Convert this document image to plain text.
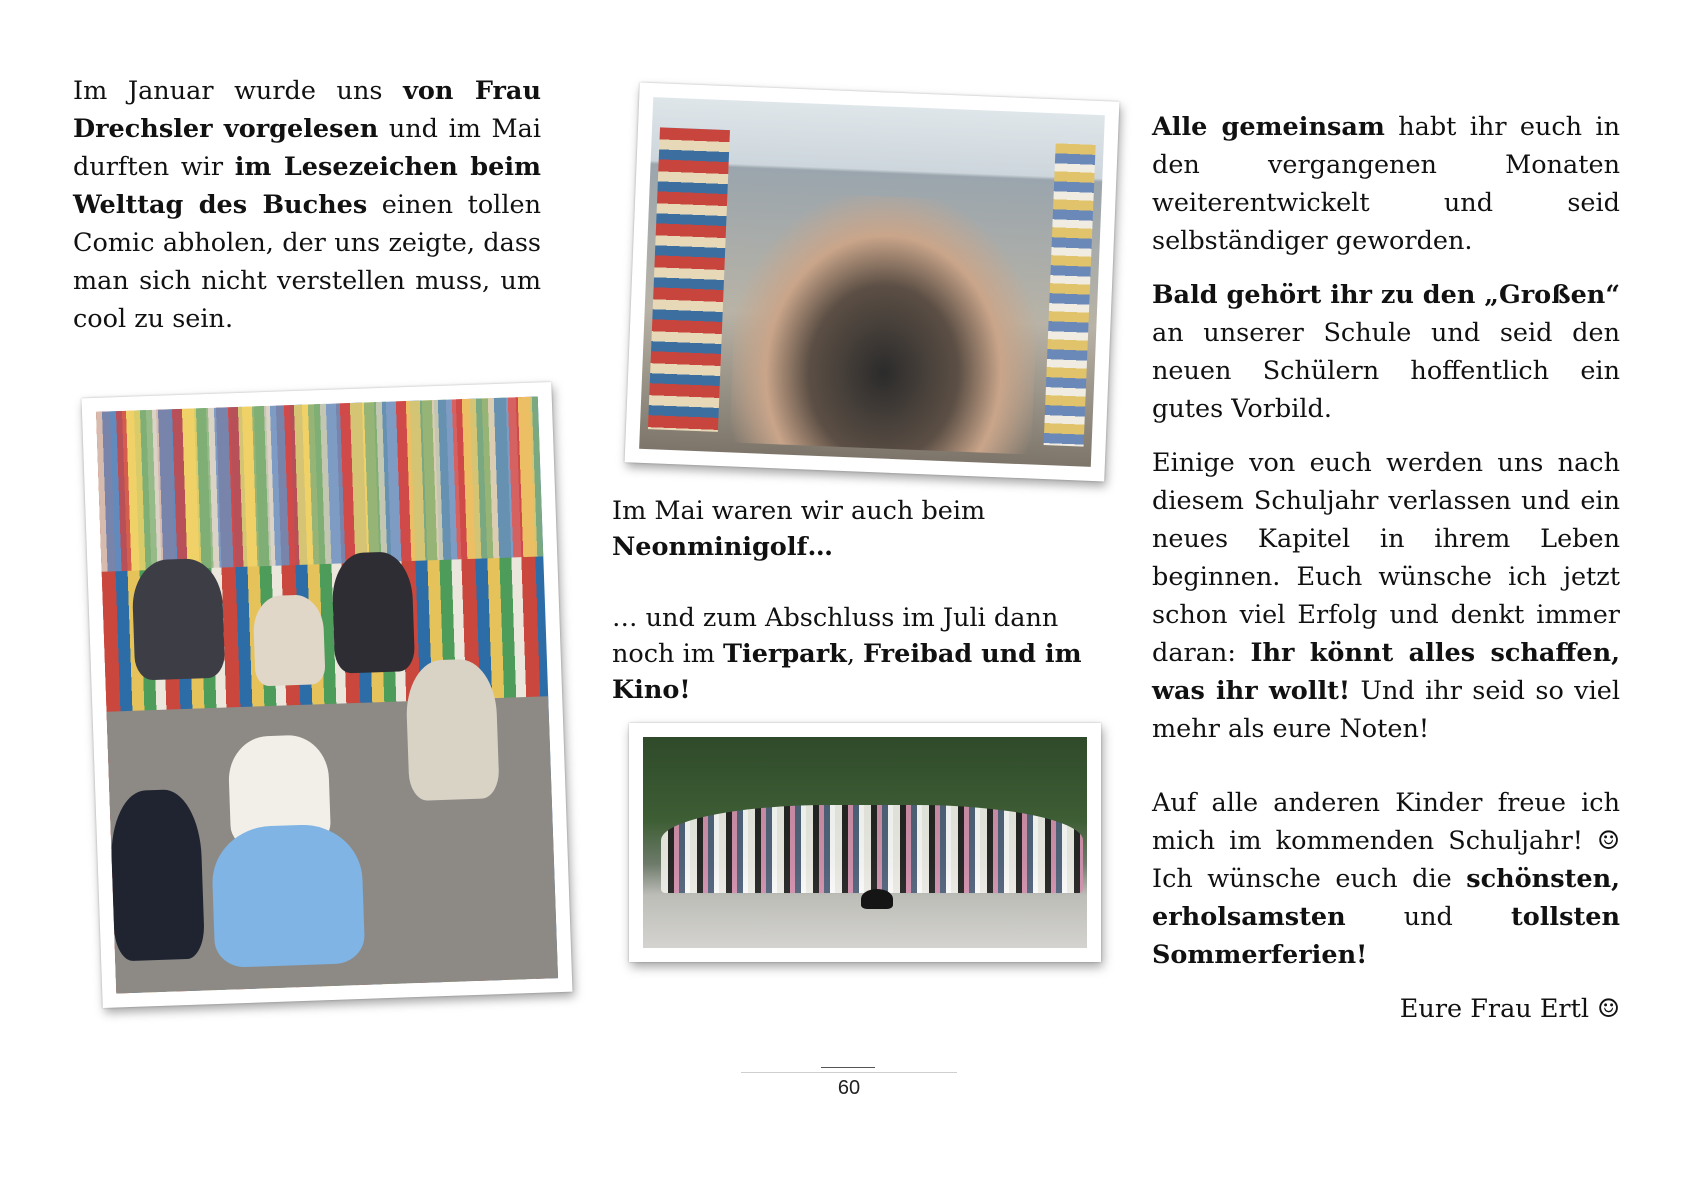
Im Januar wurde uns von Frau Drechsler vorgelesen und im Mai durften wir im Lesezeichen beim Welttag des Buches einen tollen Comic abholen, der uns zeigte, dass man sich nicht verstellen muss, um cool zu sein.

Im Mai waren wir auch beim Neonminigolf…

… und zum Abschluss im Juli dann noch im Tierpark, Freibad und im Kino!

Alle gemeinsam habt ihr euch in den vergangenen Monaten weiterentwickelt und seid selbständiger geworden.

Bald gehört ihr zu den „Großen“ an unserer Schule und seid den neuen Schülern hoffentlich ein gutes Vorbild.

Einige von euch werden uns nach diesem Schuljahr verlassen und ein neues Kapitel in ihrem Leben beginnen. Euch wünsche ich jetzt schon viel Erfolg und denkt immer daran: Ihr könnt alles schaffen, was ihr wollt! Und ihr seid so viel mehr als eure Noten!

Auf alle anderen Kinder freue ich mich im kommenden Schuljahr! ☺ Ich wünsche euch die schönsten, erholsamsten und tollsten Sommerferien!

Eure Frau Ertl ☺

60
